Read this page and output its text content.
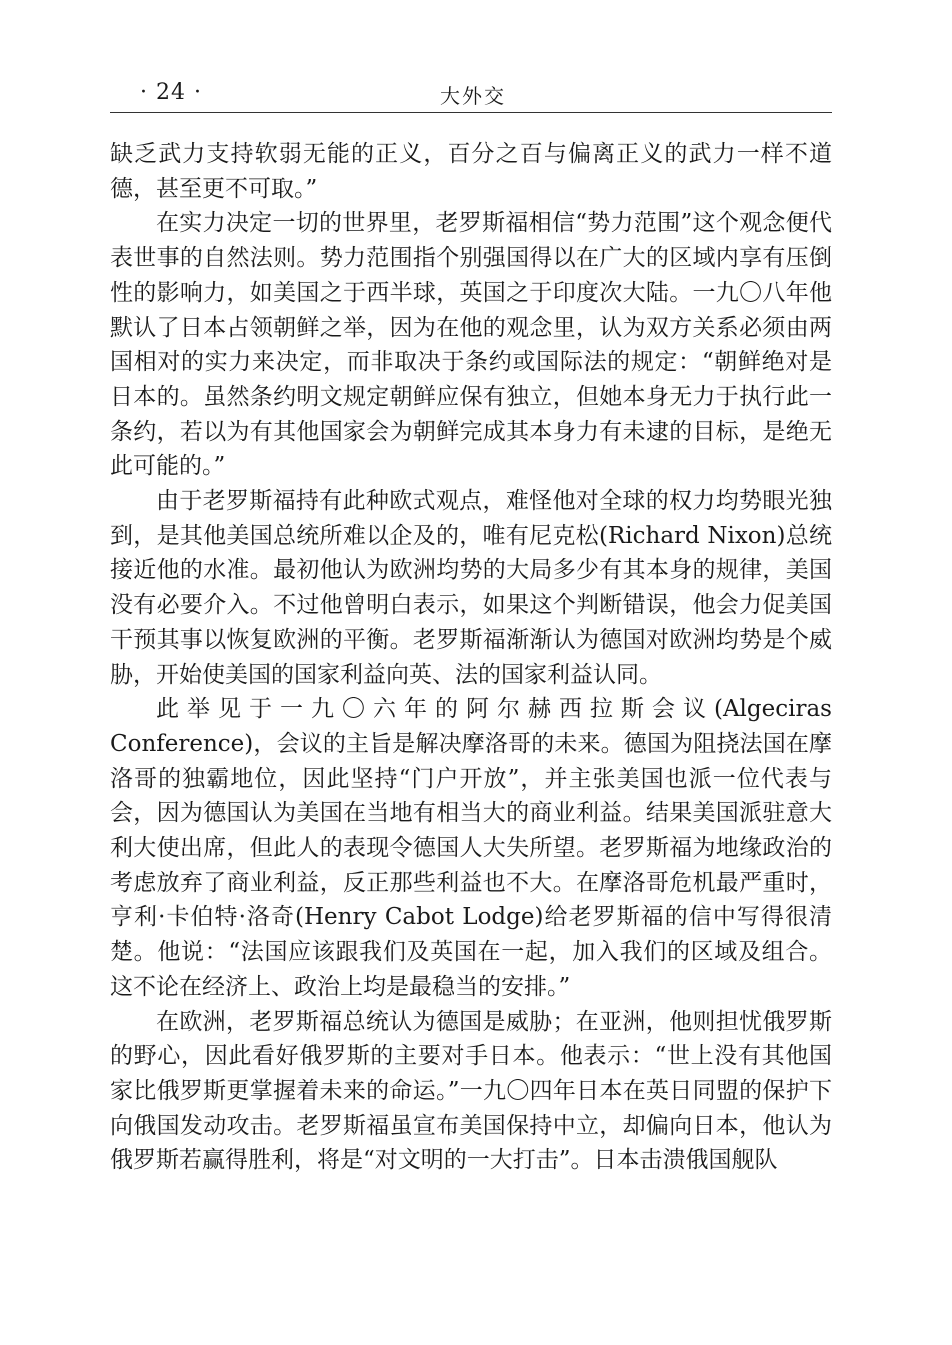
· 24 ·	大外交

缺乏武力支持软弱无能的正义，百分之百与偏离正义的武力一样不道德，甚至更不可取。”

在实力决定一切的世界里，老罗斯福相信“势力范围”这个观念便代表世事的自然法则。势力范围指个别强国得以在广大的区域内享有压倒性的影响力，如美国之于西半球，英国之于印度次大陆。一九〇八年他默认了日本占领朝鲜之举，因为在他的观念里，认为双方关系必须由两国相对的实力来决定，而非取决于条约或国际法的规定：“朝鲜绝对是日本的。虽然条约明文规定朝鲜应保有独立，但她本身无力于执行此一条约，若以为有其他国家会为朝鲜完成其本身力有未逮的目标，是绝无此可能的。”

由于老罗斯福持有此种欧式观点，难怪他对全球的权力均势眼光独到，是其他美国总统所难以企及的，唯有尼克松(Richard Nixon)总统接近他的水准。最初他认为欧洲均势的大局多少有其本身的规律，美国没有必要介入。不过他曾明白表示，如果这个判断错误，他会力促美国干预其事以恢复欧洲的平衡。老罗斯福渐渐认为德国对欧洲均势是个威胁，开始使美国的国家利益向英、法的国家利益认同。

此举见于一九〇六年的阿尔赫西拉斯会议(Algeciras Conference)，会议的主旨是解决摩洛哥的未来。德国为阻挠法国在摩洛哥的独霸地位，因此坚持“门户开放”，并主张美国也派一位代表与会，因为德国认为美国在当地有相当大的商业利益。结果美国派驻意大利大使出席，但此人的表现令德国人大失所望。老罗斯福为地缘政治的考虑放弃了商业利益，反正那些利益也不大。在摩洛哥危机最严重时，亨利·卡伯特·洛奇(Henry Cabot Lodge)给老罗斯福的信中写得很清楚。他说：“法国应该跟我们及英国在一起，加入我们的区域及组合。这不论在经济上、政治上均是最稳当的安排。”

在欧洲，老罗斯福总统认为德国是威胁；在亚洲，他则担忧俄罗斯的野心，因此看好俄罗斯的主要对手日本。他表示：“世上没有其他国家比俄罗斯更掌握着未来的命运。”一九〇四年日本在英日同盟的保护下向俄国发动攻击。老罗斯福虽宣布美国保持中立，却偏向日本，他认为俄罗斯若赢得胜利，将是“对文明的一大打击”。日本击溃俄国舰队
